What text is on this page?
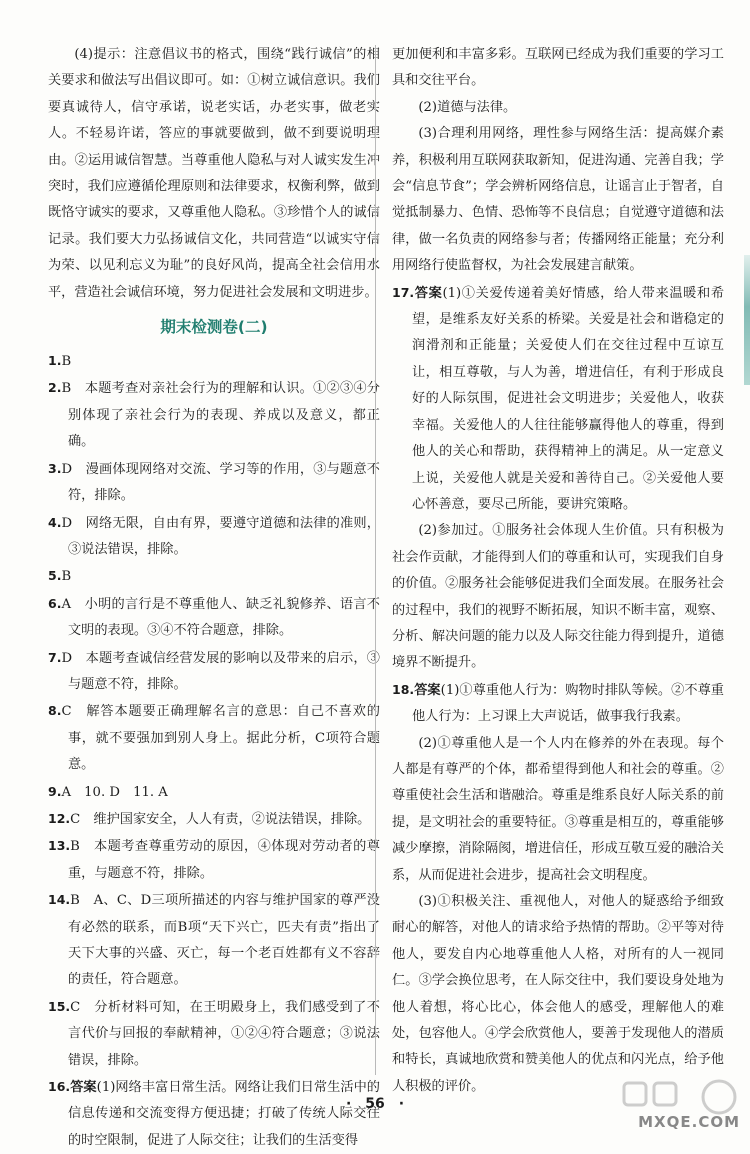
(4)提示：注意倡议书的格式，围绕“践行诚信”的相关要求和做法写出倡议即可。如：①树立诚信意识。我们要真诚待人，信守承诺，说老实话，办老实事，做老实人。不轻易许诺，答应的事就要做到，做不到要说明理由。②运用诚信智慧。当尊重他人隐私与对人诚实发生冲突时，我们应遵循伦理原则和法律要求，权衡利弊，做到既恪守诚实的要求，又尊重他人隐私。③珍惜个人的诚信记录。我们要大力弘扬诚信文化，共同营造“以诚实守信为荣、以见利忘义为耻”的良好风尚，提高全社会信用水平，营造社会诚信环境，努力促进社会发展和文明进步。

期末检测卷(二)

1.B

2.B　本题考查对亲社会行为的理解和认识。①②③④分别体现了亲社会行为的表现、养成以及意义，都正确。

3.D　漫画体现网络对交流、学习等的作用，③与题意不符，排除。

4.D　网络无限，自由有界，要遵守道德和法律的准则，③说法错误，排除。

5.B

6.A　小明的言行是不尊重他人、缺乏礼貌修养、语言不文明的表现。③④不符合题意，排除。

7.D　本题考查诚信经营发展的影响以及带来的启示，③与题意不符，排除。

8.C　解答本题要正确理解名言的意思：自己不喜欢的事，就不要强加到别人身上。据此分析，C项符合题意。

9.A　10. D　11. A

12.C　维护国家安全，人人有责，②说法错误，排除。

13.B　本题考查尊重劳动的原因，④体现对劳动者的尊重，与题意不符，排除。

14.B　A、C、D三项所描述的内容与维护国家的尊严没有必然的联系，而B项“天下兴亡，匹夫有责”指出了天下大事的兴盛、灭亡，每一个老百姓都有义不容辞的责任，符合题意。

15.C　分析材料可知，在王明殿身上，我们感受到了不言代价与回报的奉献精神，①②④符合题意；③说法错误，排除。

16.答案(1)网络丰富日常生活。网络让我们日常生活中的信息传递和交流变得方便迅捷；打破了传统人际交往的时空限制，促进了人际交往；让我们的生活变得

更加便利和丰富多彩。互联网已经成为我们重要的学习工具和交往平台。

(2)道德与法律。

(3)合理利用网络，理性参与网络生活：提高媒介素养，积极利用互联网获取新知，促进沟通、完善自我；学会“信息节食”；学会辨析网络信息，让谣言止于智者，自觉抵制暴力、色情、恐怖等不良信息；自觉遵守道德和法律，做一名负责的网络参与者；传播网络正能量；充分利用网络行使监督权，为社会发展建言献策。

17.答案(1)①关爱传递着美好情感，给人带来温暖和希望，是维系友好关系的桥梁。关爱是社会和谐稳定的润滑剂和正能量；关爱使人们在交往过程中互谅互让，相互尊敬，与人为善，增进信任，有利于形成良好的人际氛围，促进社会文明进步；关爱他人，收获幸福。关爱他人的人往往能够赢得他人的尊重，得到他人的关心和帮助，获得精神上的满足。从一定意义上说，关爱他人就是关爱和善待自己。②关爱他人要心怀善意，要尽己所能，要讲究策略。

(2)参加过。①服务社会体现人生价值。只有积极为社会作贡献，才能得到人们的尊重和认可，实现我们自身的价值。②服务社会能够促进我们全面发展。在服务社会的过程中，我们的视野不断拓展，知识不断丰富，观察、分析、解决问题的能力以及人际交往能力得到提升，道德境界不断提升。

18.答案(1)①尊重他人行为：购物时排队等候。②不尊重他人行为：上习课上大声说话，做事我行我素。

(2)①尊重他人是一个人内在修养的外在表现。每个人都是有尊严的个体，都希望得到他人和社会的尊重。②尊重使社会生活和谐融洽。尊重是维系良好人际关系的前提，是文明社会的重要特征。③尊重是相互的，尊重能够减少摩擦，消除隔阂，增进信任，形成互敬互爱的融洽关系，从而促进社会进步，提高社会文明程度。

(3)①积极关注、重视他人，对他人的疑惑给予细致耐心的解答，对他人的请求给予热情的帮助。②平等对待他人，要发自内心地尊重他人人格，对所有的人一视同仁。③学会换位思考，在人际交往中，我们要设身处地为他人着想，将心比心，体会他人的感受，理解他人的难处，包容他人。④学会欣赏他人，要善于发现他人的潜质和特长，真诚地欣赏和赞美他人的优点和闪光点，给予他人积极的评价。

·　56　·
MXQE.COM
